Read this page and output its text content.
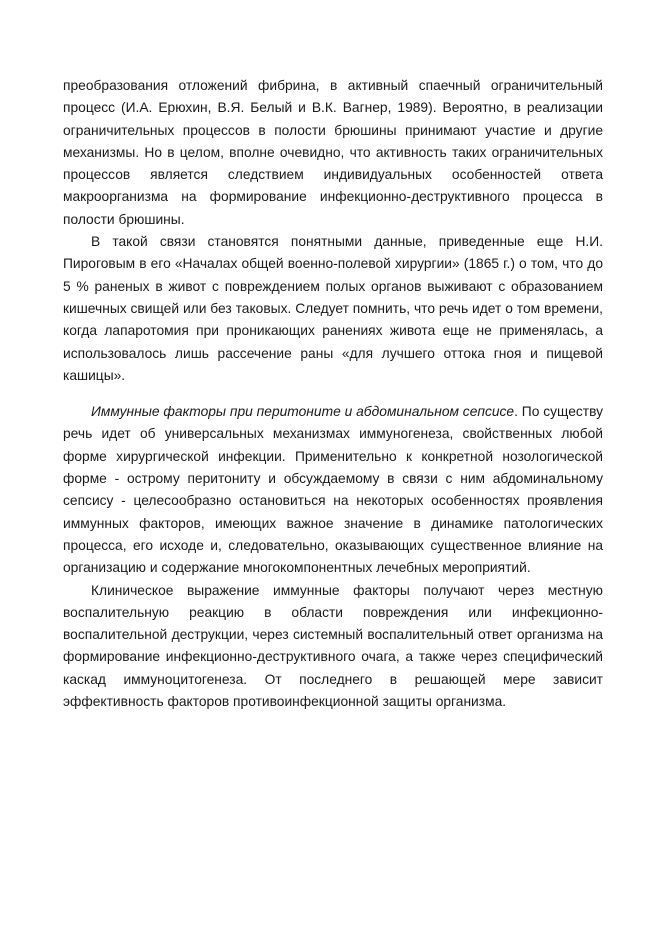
преобразования отложений фибрина, в активный спаечный ограничительный процесс (И.А. Ерюхин, В.Я. Белый и В.К. Вагнер, 1989). Вероятно, в реализации ограничительных процессов в полости брюшины принимают участие и другие механизмы. Но в целом, вполне очевидно, что активность таких ограничительных процессов является следствием индивидуальных особенностей ответа макроорганизма на формирование инфекционно-деструктивного процесса в полости брюшины.

В такой связи становятся понятными данные, приведенные еще Н.И. Пироговым в его «Началах общей военно-полевой хирургии» (1865 г.) о том, что до 5 % раненых в живот с повреждением полых органов выживают с образованием кишечных свищей или без таковых. Следует помнить, что речь идет о том времени, когда лапаротомия при проникающих ранениях живота еще не применялась, а использовалось лишь рассечение раны «для лучшего оттока гноя и пищевой кашицы».

Иммунные факторы при перитоните и абдоминальном сепсисе. По существу речь идет об универсальных механизмах иммуногенеза, свойственных любой форме хирургической инфекции. Применительно к конкретной нозологической форме - острому перитониту и обсуждаемому в связи с ним абдоминальному сепсису - целесообразно остановиться на некоторых особенностях проявления иммунных факторов, имеющих важное значение в динамике патологических процесса, его исходе и, следовательно, оказывающих существенное влияние на организацию и содержание многокомпонентных лечебных мероприятий.

Клиническое выражение иммунные факторы получают через местную воспалительную реакцию в области повреждения или инфекционно-воспалительной деструкции, через системный воспалительный ответ организма на формирование инфекционно-деструктивного очага, а также через специфический каскад иммуноцитогенеза. От последнего в решающей мере зависит эффективность факторов противоинфекционной защиты организма.
